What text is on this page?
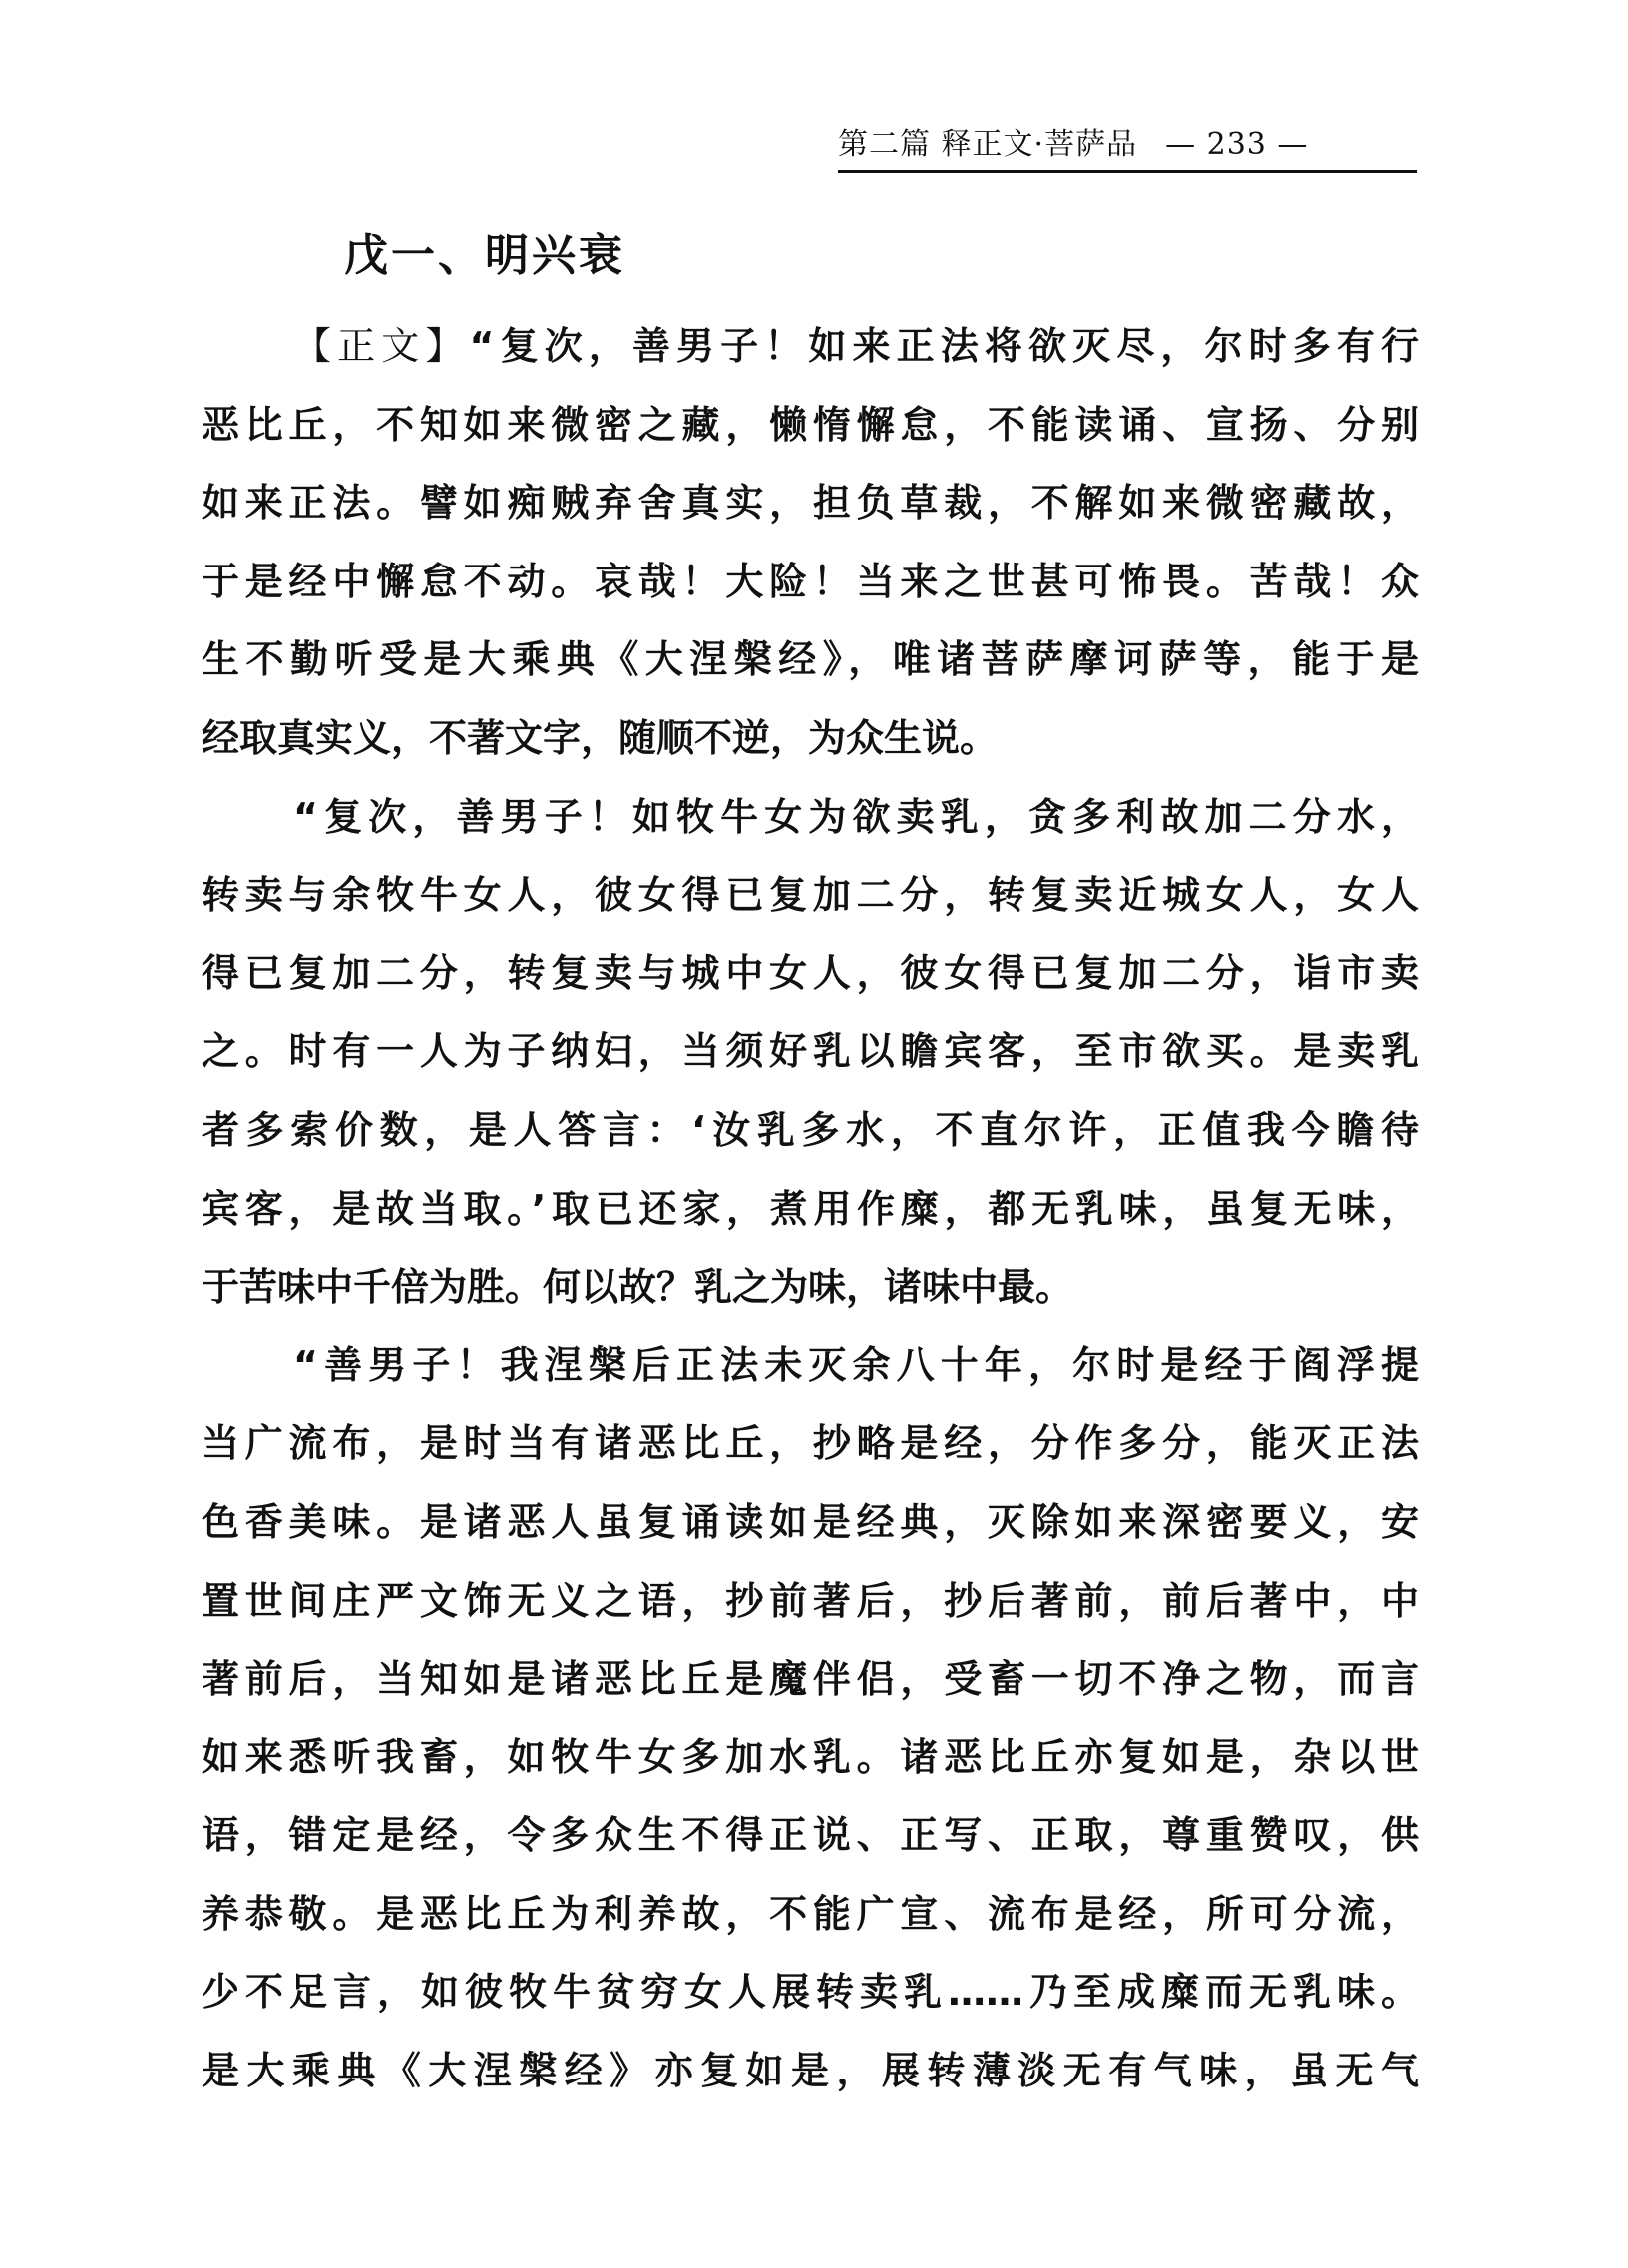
第二篇 释正文·菩萨品 — 233 —
戊一、明兴衰
【正文】“复次，善男子！如来正法将欲灭尽，尔时多有行
恶比丘，不知如来微密之藏，懒惰懈怠，不能读诵、宣扬、分别
如来正法。譬如痴贼弃舍真实，担负草裁，不解如来微密藏故，
于是经中懈怠不动。哀哉！大险！当来之世甚可怖畏。苦哉！众
生不勤听受是大乘典《大涅槃经》，唯诸菩萨摩诃萨等，能于是
经取真实义，不著文字，随顺不逆，为众生说。
“复次，善男子！如牧牛女为欲卖乳，贪多利故加二分水，
转卖与余牧牛女人，彼女得已复加二分，转复卖近城女人，女人
得已复加二分，转复卖与城中女人，彼女得已复加二分，诣市卖
之。时有一人为子纳妇，当须好乳以瞻宾客，至市欲买。是卖乳
者多索价数，是人答言：‘汝乳多水，不直尔许，正值我今瞻待
宾客，是故当取。’取已还家，煮用作糜，都无乳味，虽复无味，
于苦味中千倍为胜。何以故？乳之为味，诸味中最。
“善男子！我涅槃后正法未灭余八十年，尔时是经于阎浮提
当广流布，是时当有诸恶比丘，抄略是经，分作多分，能灭正法
色香美味。是诸恶人虽复诵读如是经典，灭除如来深密要义，安
置世间庄严文饰无义之语，抄前著后，抄后著前，前后著中，中
著前后，当知如是诸恶比丘是魔伴侣，受畜一切不净之物，而言
如来悉听我畜，如牧牛女多加水乳。诸恶比丘亦复如是，杂以世
语，错定是经，令多众生不得正说、正写、正取，尊重赞叹，供
养恭敬。是恶比丘为利养故，不能广宣、流布是经，所可分流，
少不足言，如彼牧牛贫穷女人展转卖乳……乃至成糜而无乳味。
是大乘典《大涅槃经》亦复如是，展转薄淡无有气味，虽无气
